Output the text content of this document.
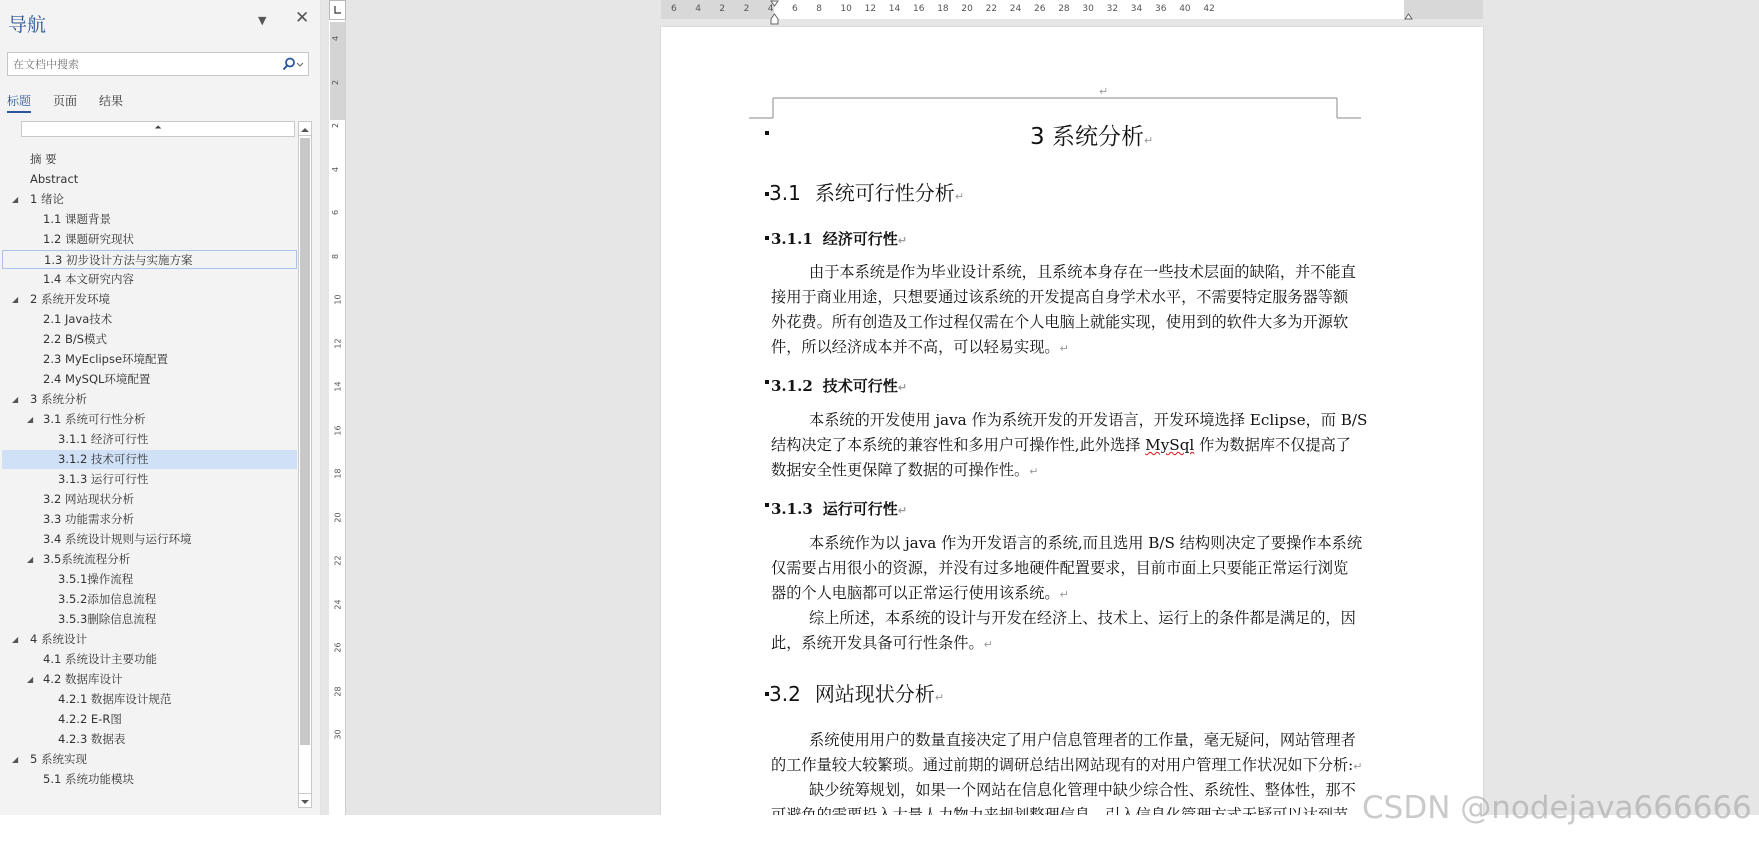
导航	▼ ✕
在文档中搜索
标题 页面 结果
⏶
摘 要
Abstract
◢ 1 绪论
1.1 课题背景
1.2 课题研究现状
1.3 初步设计方法与实施方案
1.4 本文研究内容
◢ 2 系统开发环境
2.1 Java技术
2.2 B/S模式
2.3 MyEclipse环境配置
2.4 MySQL环境配置
◢ 3 系统分析
◢ 3.1 系统可行性分析
3.1.1 经济可行性
3.1.2 技术可行性
3.1.3 运行可行性
3.2 网站现状分析
3.3 功能需求分析
3.4 系统设计规则与运行环境
◢ 3.5系统流程分析
3.5.1操作流程
3.5.2添加信息流程
3.5.3删除信息流程
◢ 4 系统设计
4.1 系统设计主要功能
◢ 4.2 数据库设计
4.2.1 数据库设计规范
4.2.2 E-R图
4.2.3 数据表
◢ 5 系统实现
5.1 系统功能模块
4
2
2
4
6
8
10
12
14
16
18
20
22
24
26
28
30
6 4 2 2 4 6 8 10 12 14 16 18 20 22 24 26 28 30 32 34 36 40 42
↵
3 系统分析↵
3.1 系统可行性分析↵
3.1.1 经济可行性↵
由于本系统是作为毕业设计系统，且系统本身存在一些技术层面的缺陷，并不能直
接用于商业用途，只想要通过该系统的开发提高自身学术水平，不需要特定服务器等额
外花费。所有创造及工作过程仅需在个人电脑上就能实现，使用到的软件大多为开源软
件，所以经济成本并不高，可以轻易实现。↵
3.1.2 技术可行性↵
本系统的开发使用 java 作为系统开发的开发语言，开发环境选择 Eclipse，而 B/S
结构决定了本系统的兼容性和多用户可操作性,此外选择 MySql 作为数据库不仅提高了
数据安全性更保障了数据的可操作性。↵
3.1.3 运行可行性↵
本系统作为以 java 作为开发语言的系统,而且选用 B/S 结构则决定了要操作本系统
仅需要占用很小的资源，并没有过多地硬件配置要求，目前市面上只要能正常运行浏览
器的个人电脑都可以正常运行使用该系统。↵
综上所述，本系统的设计与开发在经济上、技术上、运行上的条件都是满足的，因
此，系统开发具备可行性条件。↵
3.2 网站现状分析↵
系统使用用户的数量直接决定了用户信息管理者的工作量，毫无疑问，网站管理者
的工作量较大较繁琐。通过前期的调研总结出网站现有的对用户管理工作状况如下分析:↵
缺少统筹规划，如果一个网站在信息化管理中缺少综合性、系统性、整体性，那不 CSDN @nodejava666666
